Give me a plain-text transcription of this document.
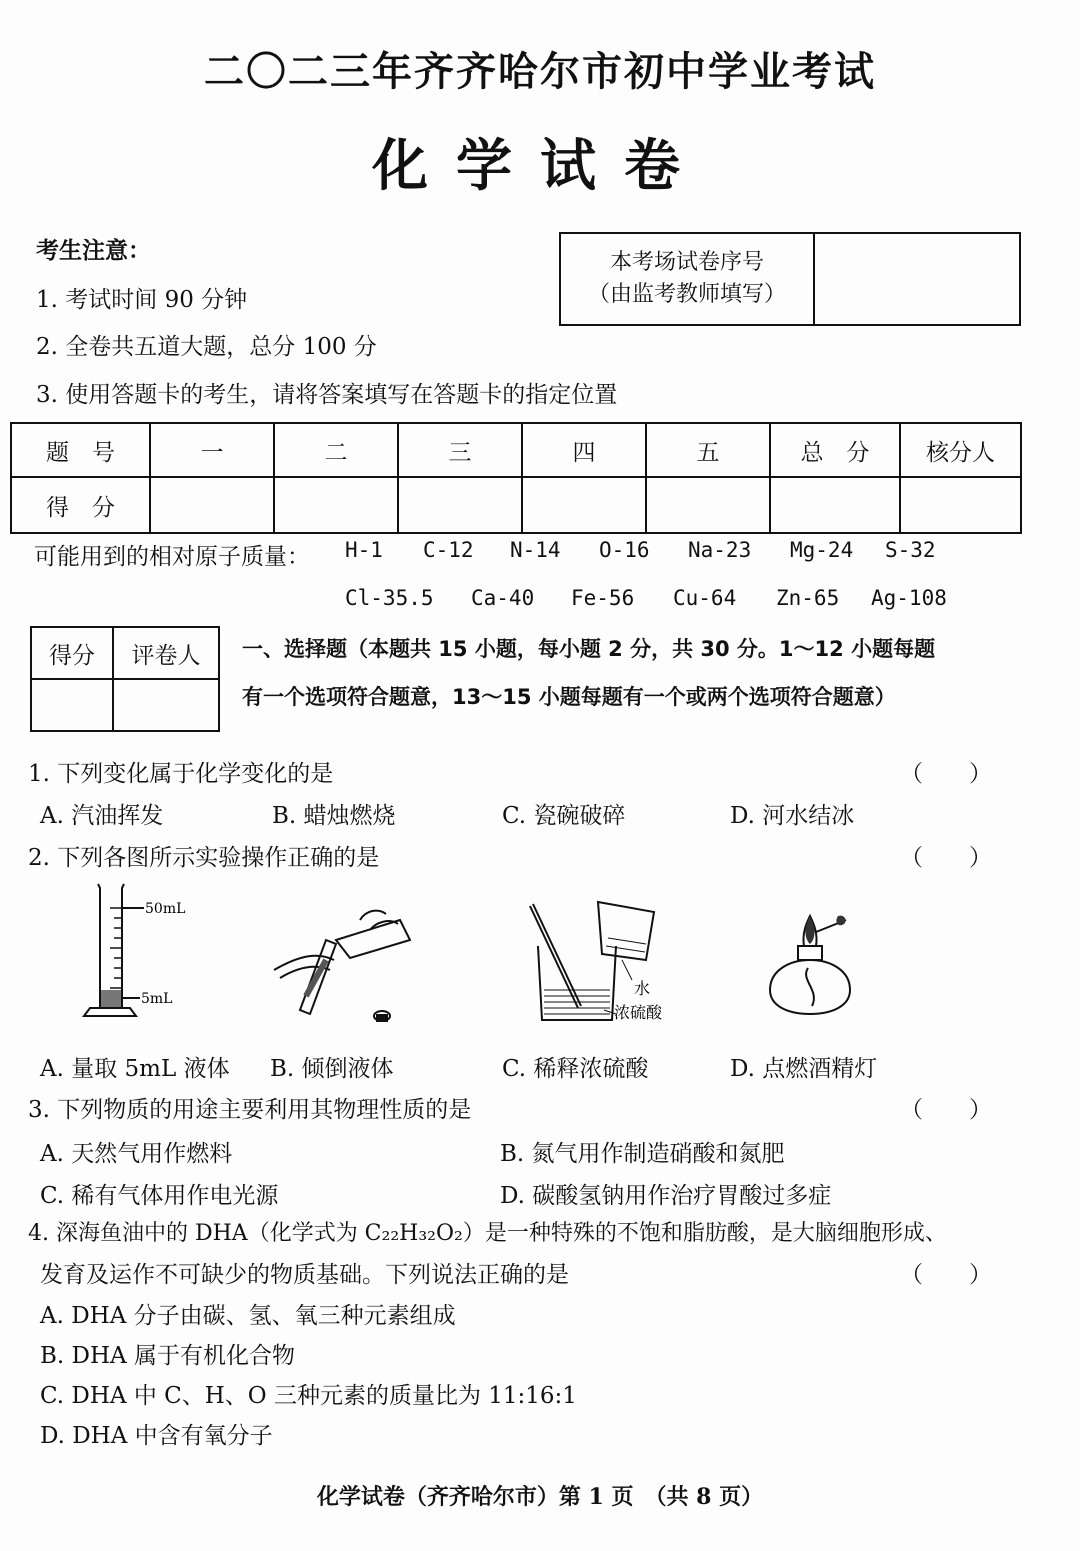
二〇二三年齐齐哈尔市初中学业考试
化学试卷
考生注意：
1. 考试时间 90 分钟
2. 全卷共五道大题，总分 100 分
3. 使用答题卡的考生，请将答案填写在答题卡的指定位置
本考场试卷序号
（由监考教师填写）
题　号	一	二	三	四	五	总　分	核分人
得　分							
可能用到的相对原子质量： H-1 C-12 N-14 O-16 Na-23 Mg-24 S-32
Cl-35.5 Ca-40 Fe-56 Cu-64 Zn-65 Ag-108
得分	评卷人
	一、选择题（本题共 15 小题，每小题 2 分，共 30 分。1～12 小题每题
有一个选项符合题意，13～15 小题每题有一个或两个选项符合题意）
1. 下列变化属于化学变化的是	（　　）
A. 汽油挥发	B. 蜡烛燃烧	C. 瓷碗破碎	D. 河水结冰
2. 下列各图所示实验操作正确的是	（　　）
50mL
5mL
水
浓硫酸
A. 量取 5mL 液体 B. 倾倒液体	C. 稀释浓硫酸	D. 点燃酒精灯
3. 下列物质的用途主要利用其物理性质的是	（　　）
A. 天然气用作燃料	B. 氮气用作制造硝酸和氮肥
C. 稀有气体用作电光源	D. 碳酸氢钠用作治疗胃酸过多症
4. 深海鱼油中的 DHA（化学式为 C₂₂H₃₂O₂）是一种特殊的不饱和脂肪酸，是大脑细胞形成、
发育及运作不可缺少的物质基础。下列说法正确的是	（　　）
A. DHA 分子由碳、氢、氧三种元素组成
B. DHA 属于有机化合物
C. DHA 中 C、H、O 三种元素的质量比为 11:16:1
D. DHA 中含有氧分子
化学试卷（齐齐哈尔市）第 1 页　（共 8 页）
